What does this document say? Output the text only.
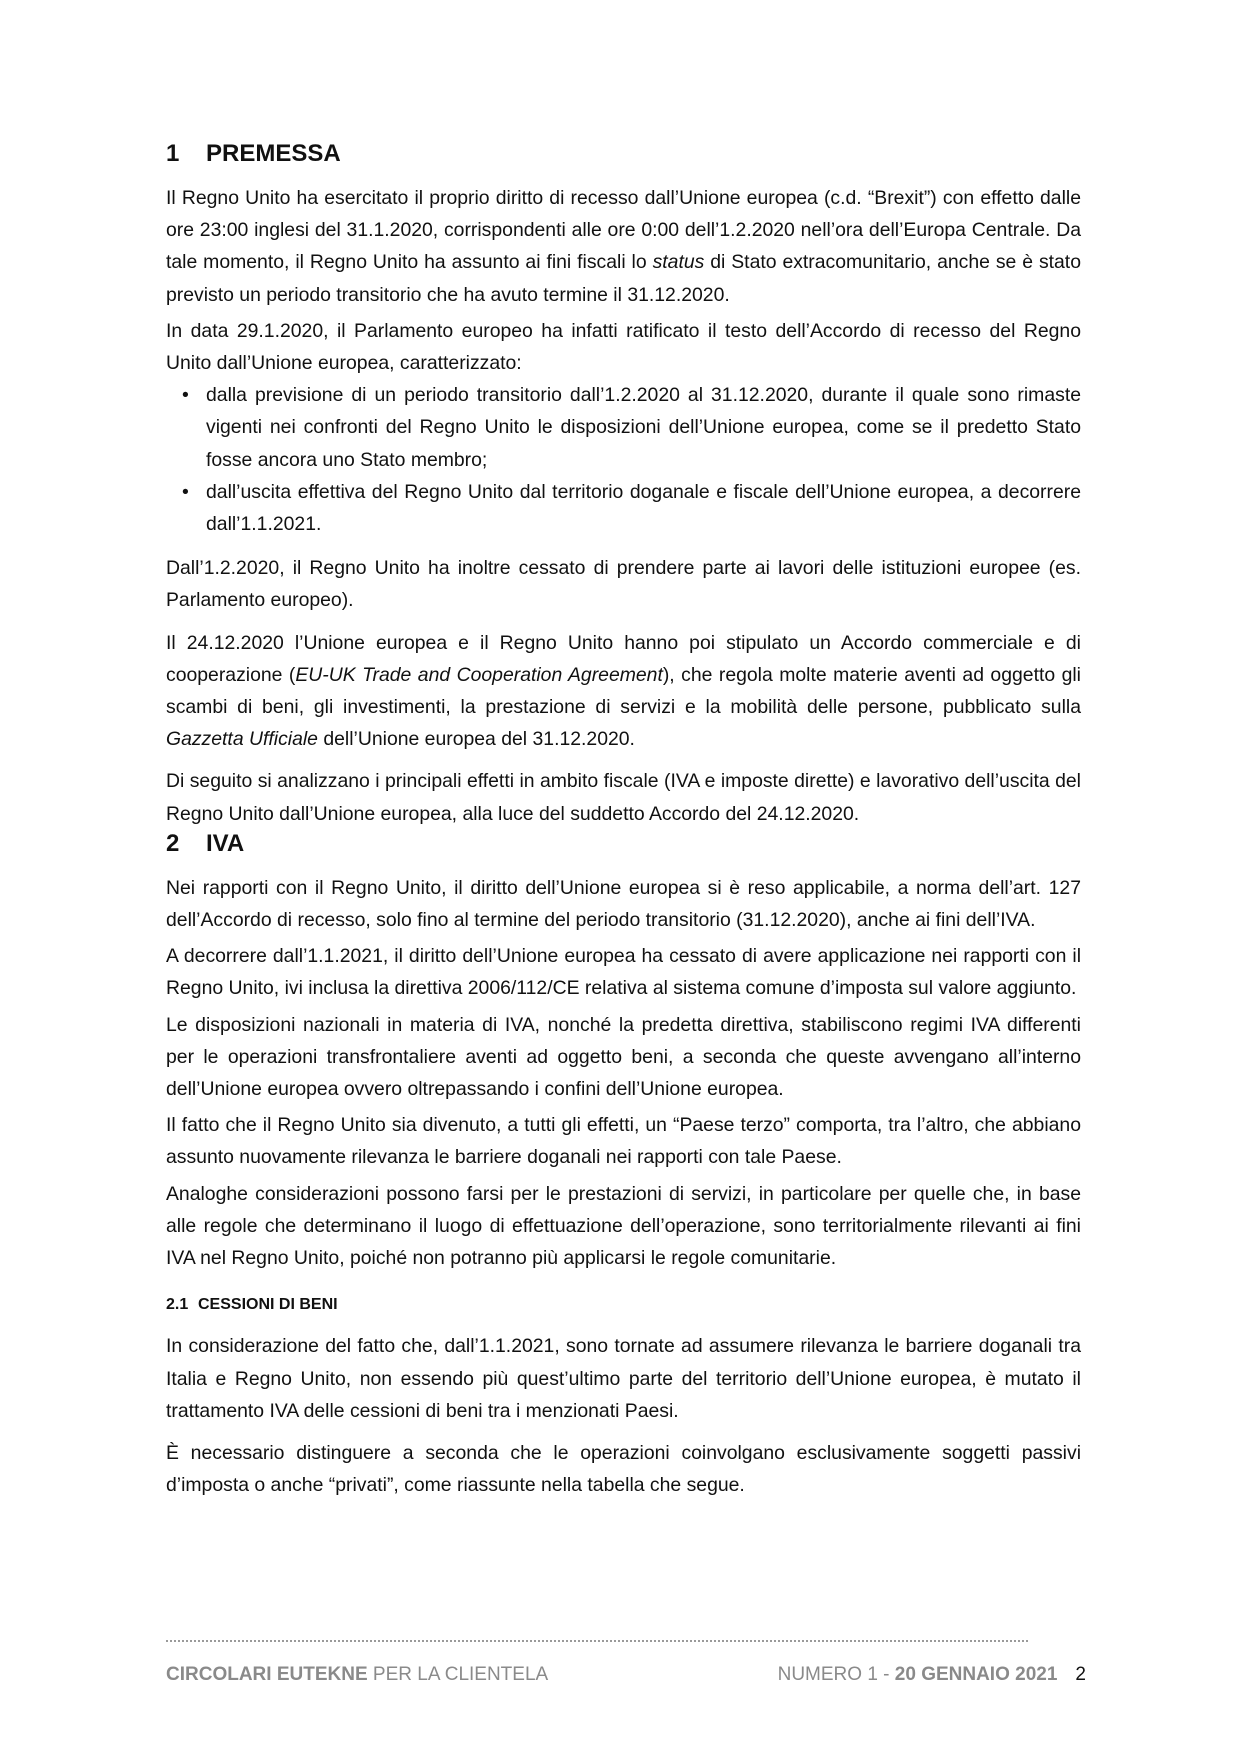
1	PREMESSA

Il Regno Unito ha esercitato il proprio diritto di recesso dall’Unione europea (c.d. “Brexit”) con effetto dalle ore 23:00 inglesi del 31.1.2020, corrispondenti alle ore 0:00 dell’1.2.2020 nell’ora dell’Europa Centrale. Da tale momento, il Regno Unito ha assunto ai fini fiscali lo status di Stato extracomunitario, anche se è stato previsto un periodo transitorio che ha avuto termine il 31.12.2020.

In data 29.1.2020, il Parlamento europeo ha infatti ratificato il testo dell’Accordo di recesso del Regno Unito dall’Unione europea, caratterizzato:

• dalla previsione di un periodo transitorio dall’1.2.2020 al 31.12.2020, durante il quale sono rimaste vigenti nei confronti del Regno Unito le disposizioni dell’Unione europea, come se il predetto Stato fosse ancora uno Stato membro;
• dall’uscita effettiva del Regno Unito dal territorio doganale e fiscale dell’Unione europea, a decorrere dall’1.1.2021.

Dall’1.2.2020, il Regno Unito ha inoltre cessato di prendere parte ai lavori delle istituzioni europee (es. Parlamento europeo).

Il 24.12.2020 l’Unione europea e il Regno Unito hanno poi stipulato un Accordo commerciale e di cooperazione (EU-UK Trade and Cooperation Agreement), che regola molte materie aventi ad oggetto gli scambi di beni, gli investimenti, la prestazione di servizi e la mobilità delle persone, pubblicato sulla Gazzetta Ufficiale dell’Unione europea del 31.12.2020.

Di seguito si analizzano i principali effetti in ambito fiscale (IVA e imposte dirette) e lavorativo dell’uscita del Regno Unito dall’Unione europea, alla luce del suddetto Accordo del 24.12.2020.

2	IVA

Nei rapporti con il Regno Unito, il diritto dell’Unione europea si è reso applicabile, a norma dell’art. 127 dell’Accordo di recesso, solo fino al termine del periodo transitorio (31.12.2020), anche ai fini dell’IVA.

A decorrere dall’1.1.2021, il diritto dell’Unione europea ha cessato di avere applicazione nei rapporti con il Regno Unito, ivi inclusa la direttiva 2006/112/CE relativa al sistema comune d’imposta sul valore aggiunto.

Le disposizioni nazionali in materia di IVA, nonché la predetta direttiva, stabiliscono regimi IVA differenti per le operazioni transfrontaliere aventi ad oggetto beni, a seconda che queste avvengano all’interno dell’Unione europea ovvero oltrepassando i confini dell’Unione europea.

Il fatto che il Regno Unito sia divenuto, a tutti gli effetti, un “Paese terzo” comporta, tra l’altro, che abbiano assunto nuovamente rilevanza le barriere doganali nei rapporti con tale Paese.

Analoghe considerazioni possono farsi per le prestazioni di servizi, in particolare per quelle che, in base alle regole che determinano il luogo di effettuazione dell’operazione, sono territorialmente rilevanti ai fini IVA nel Regno Unito, poiché non potranno più applicarsi le regole comunitarie.

2.1 CESSIONI DI BENI

In considerazione del fatto che, dall’1.1.2021, sono tornate ad assumere rilevanza le barriere doganali tra Italia e Regno Unito, non essendo più quest’ultimo parte del territorio dell’Unione europea, è mutato il trattamento IVA delle cessioni di beni tra i menzionati Paesi.

È necessario distinguere a seconda che le operazioni coinvolgano esclusivamente soggetti passivi d’imposta o anche “privati”, come riassunte nella tabella che segue.

CIRCOLARI EUTEKNE PER LA CLIENTELA	NUMERO 1 - 20 GENNAIO 2021 2
